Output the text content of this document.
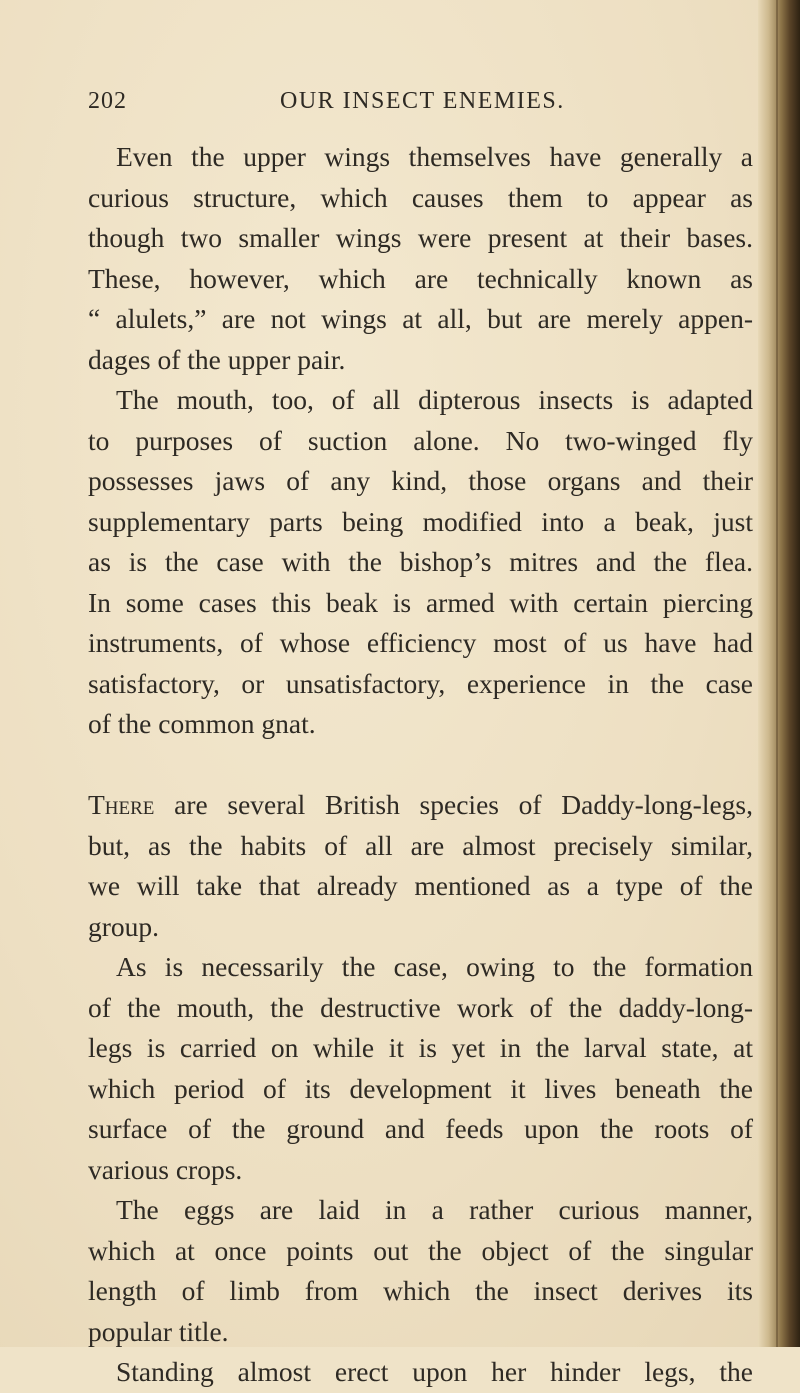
202	OUR INSECT ENEMIES.
Even the upper wings themselves have generally a
curious structure, which causes them to appear as
though two smaller wings were present at their bases.
These, however, which are technically known as
“ alulets,” are not wings at all, but are merely appen-
dages of the upper pair.
The mouth, too, of all dipterous insects is adapted
to purposes of suction alone. No two-winged fly
possesses jaws of any kind, those organs and their
supplementary parts being modified into a beak, just
as is the case with the bishop’s mitres and the flea.
In some cases this beak is armed with certain piercing
instruments, of whose efficiency most of us have had
satisfactory, or unsatisfactory, experience in the case
of the common gnat.
There are several British species of Daddy-long-legs,
but, as the habits of all are almost precisely similar,
we will take that already mentioned as a type of the
group.
As is necessarily the case, owing to the formation
of the mouth, the destructive work of the daddy-long-
legs is carried on while it is yet in the larval state, at
which period of its development it lives beneath the
surface of the ground and feeds upon the roots of
various crops.
The eggs are laid in a rather curious manner,
which at once points out the object of the singular
length of limb from which the insect derives its
popular title.
Standing almost erect upon her hinder legs, the
